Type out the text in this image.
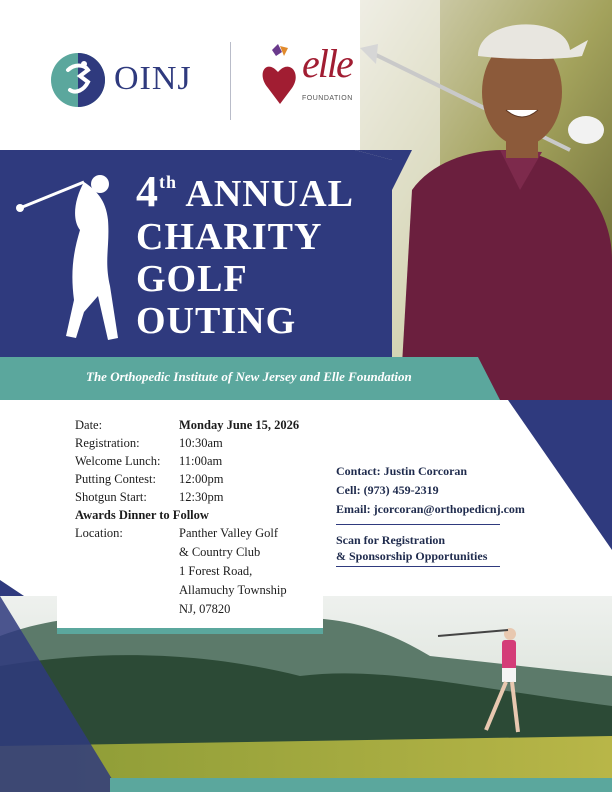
OINJ	elle
FOUNDATION
4th ANNUAL
CHARITY
GOLF
OUTING
The Orthopedic Institute of New Jersey and Elle Foundation
Date:	Monday June 15, 2026
Registration:	10:30am
Welcome Lunch: 11:00am
Putting Contest: 12:00pm
Shotgun Start:	12:30pm
Awards Dinner to Follow
Location:	Panther Valley Golf
& Country Club
1 Forest Road,
Allamuchy Township
NJ, 07820
Contact: Justin Corcoran
Cell: (973) 459-2319
Email: jcorcoran@orthopedicnj.com
Scan for Registration
& Sponsorship Opportunities
